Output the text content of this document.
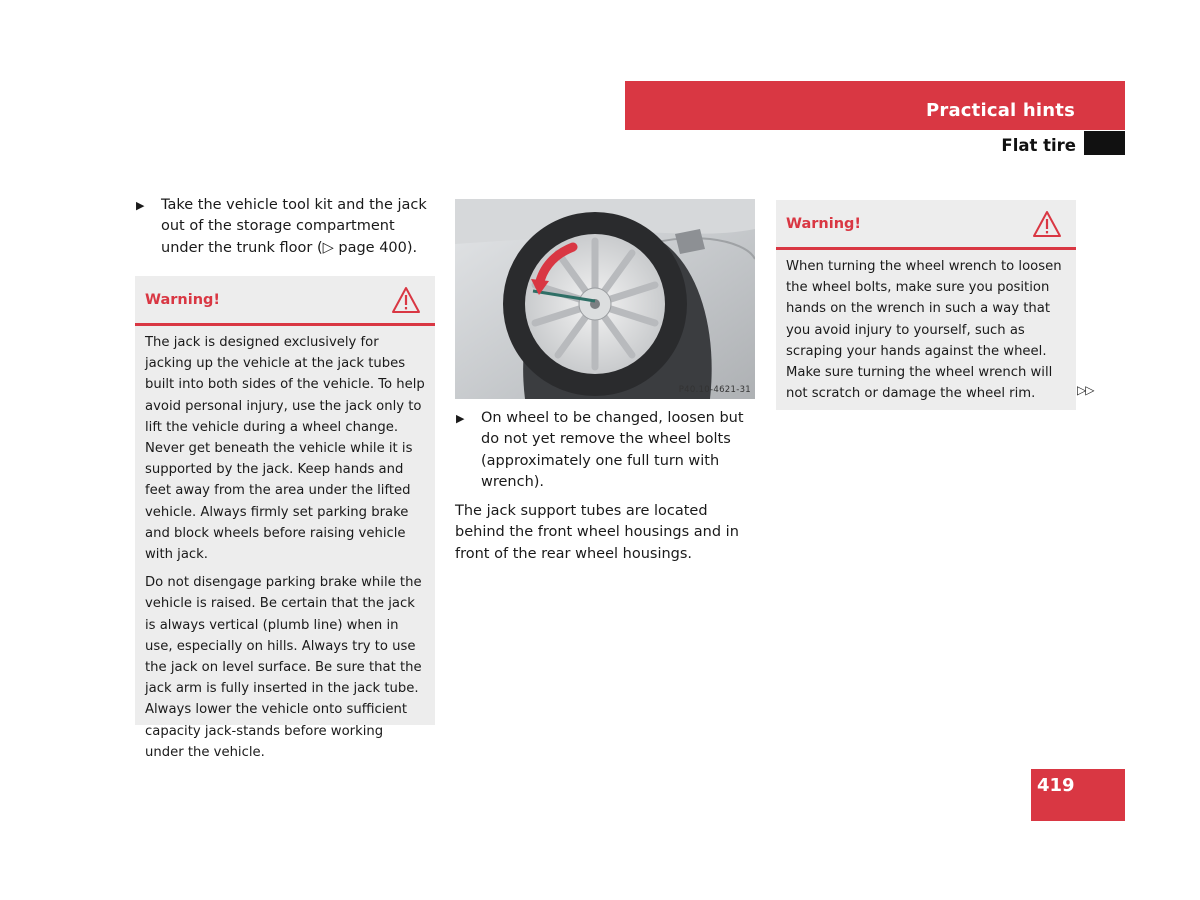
Practical hints
Flat tire
▶	Take the vehicle tool kit and the jack out of the storage compartment under the trunk floor (▷ page 400).
Warning!

The jack is designed exclusively for jacking up the vehicle at the jack tubes built into both sides of the vehicle. To help avoid personal injury, use the jack only to lift the vehicle during a wheel change. Never get beneath the vehicle while it is supported by the jack. Keep hands and feet away from the area under the lifted vehicle. Always firmly set parking brake and block wheels before raising vehicle with jack.

Do not disengage parking brake while the vehicle is raised. Be certain that the jack is always vertical (plumb line) when in use, especially on hills. Always try to use the jack on level surface. Be sure that the jack arm is fully inserted in the jack tube. Always lower the vehicle onto sufficient capacity jack-stands before working under the vehicle.

P40.10-4621-31
▶	On wheel to be changed, loosen but do not yet remove the wheel bolts (approximately one full turn with wrench).

The jack support tubes are located behind the front wheel housings and in front of the rear wheel housings.

Warning!

When turning the wheel wrench to loosen the wheel bolts, make sure you position hands on the wrench in such a way that you avoid injury to yourself, such as scraping your hands against the wheel. Make sure turning the wheel wrench will not scratch or damage the wheel rim.	▷▷
419
